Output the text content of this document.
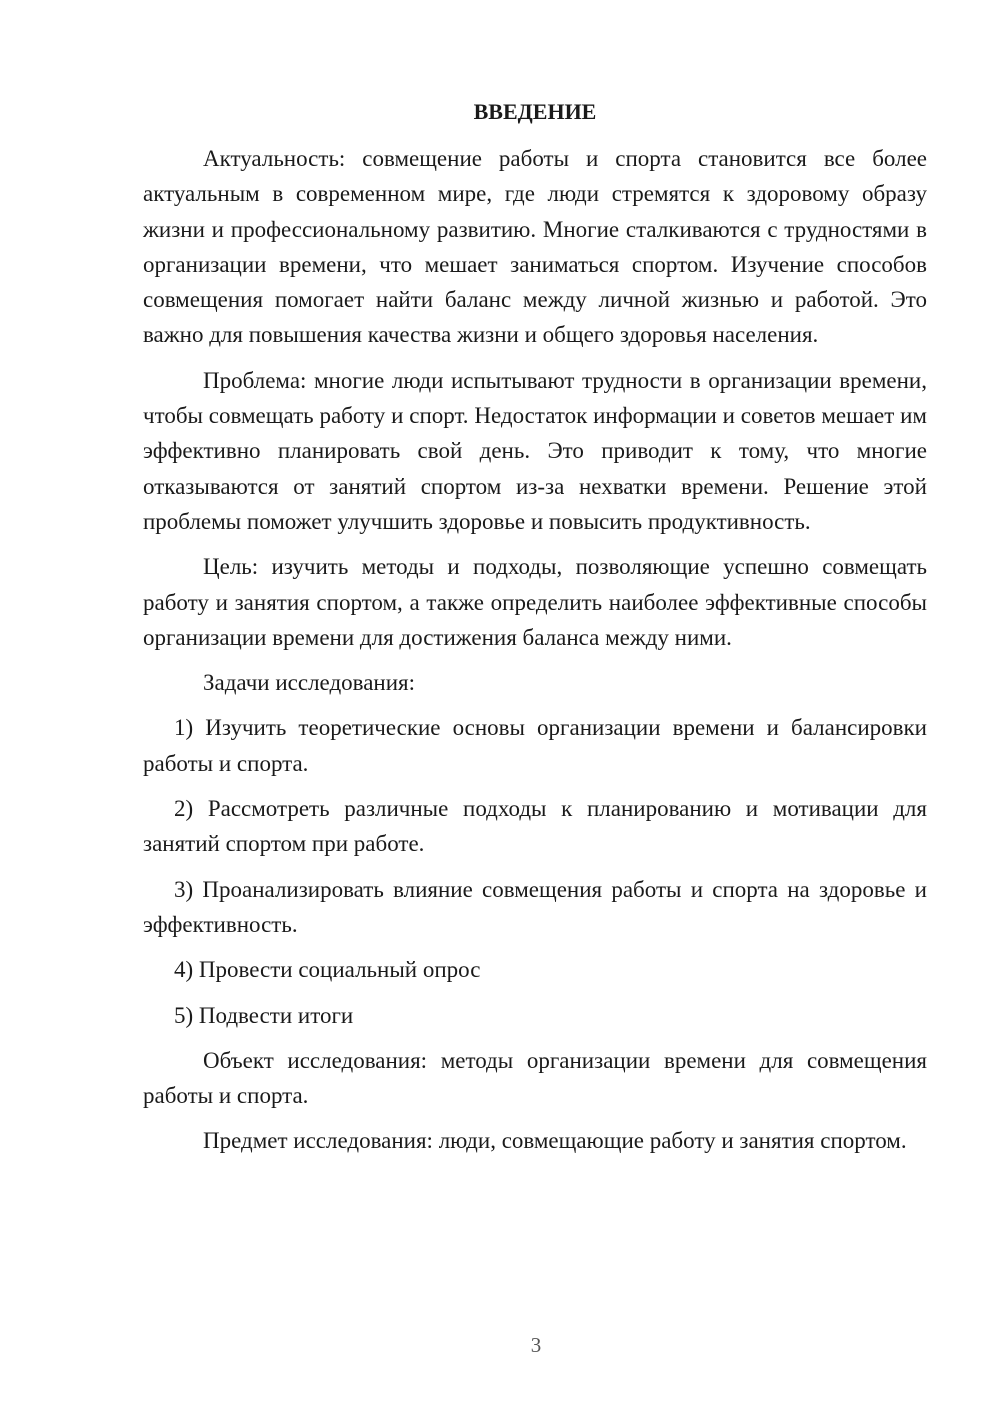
ВВЕДЕНИЕ

Актуальность: совмещение работы и спорта становится все более актуальным в современном мире, где люди стремятся к здоровому образу жизни и профессиональному развитию. Многие сталкиваются с трудностями в организации времени, что мешает заниматься спортом. Изучение способов совмещения помогает найти баланс между личной жизнью и работой. Это важно для повышения качества жизни и общего здоровья населения.

Проблема: многие люди испытывают трудности в организации времени, чтобы совмещать работу и спорт. Недостаток информации и советов мешает им эффективно планировать свой день. Это приводит к тому, что многие отказываются от занятий спортом из-за нехватки времени. Решение этой проблемы поможет улучшить здоровье и повысить продуктивность.

Цель: изучить методы и подходы, позволяющие успешно совмещать работу и занятия спортом, а также определить наиболее эффективные способы организации времени для достижения баланса между ними.

Задачи исследования:

1) Изучить теоретические основы организации времени и балансировки работы и спорта.

2) Рассмотреть различные подходы к планированию и мотивации для занятий спортом при работе.

3) Проанализировать влияние совмещения работы и спорта на здоровье и эффективность.

4) Провести социальный опрос

5) Подвести итоги

Объект исследования: методы организации времени для совмещения работы и спорта.

Предмет исследования: люди, совмещающие работу и занятия спортом.

3
